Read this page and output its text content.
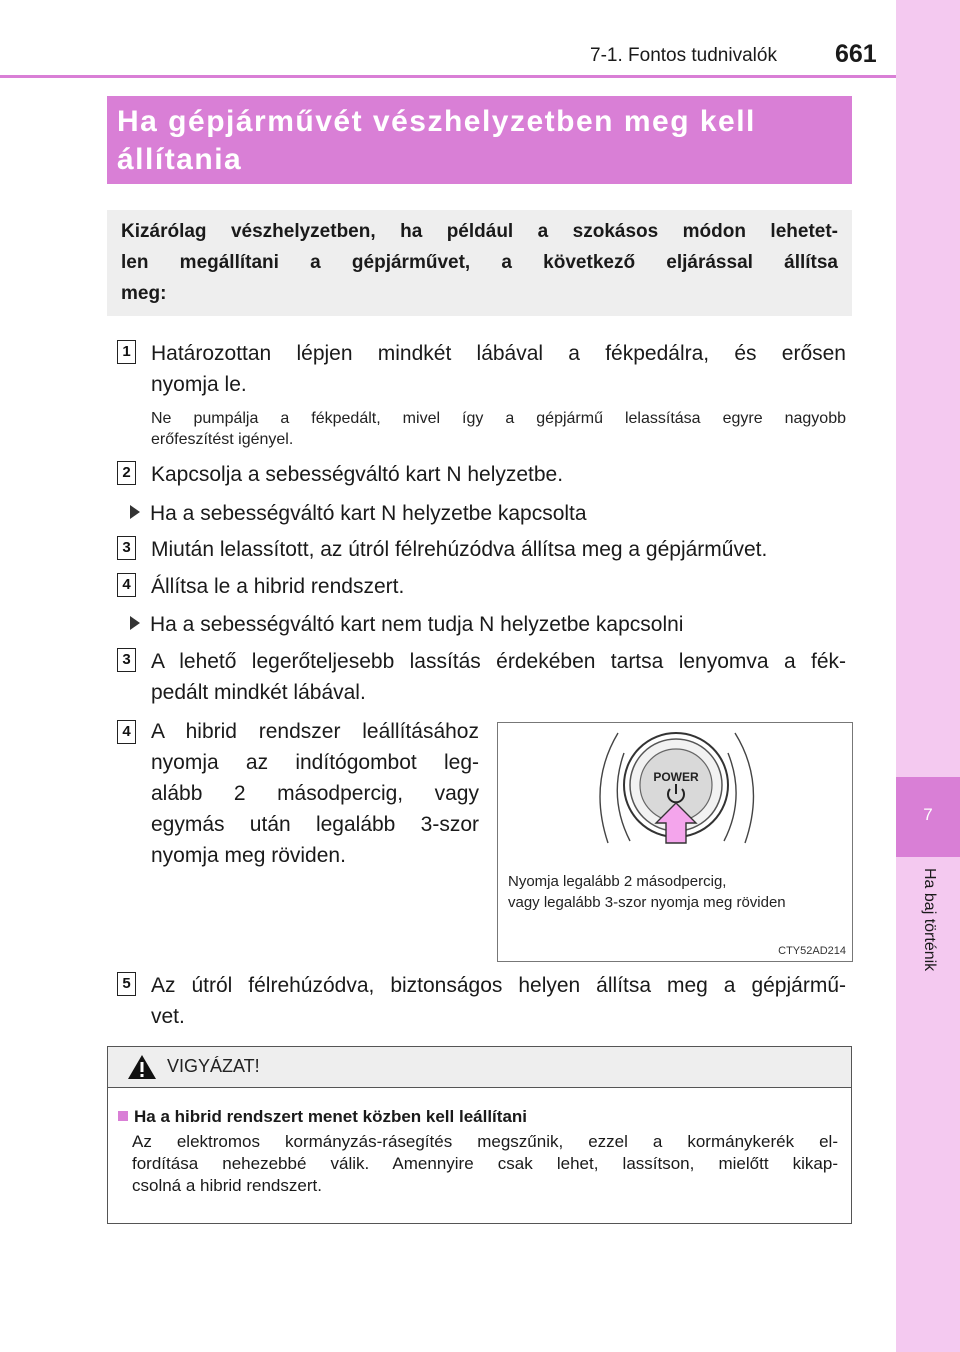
7
Ha baj történik
7-1. Fontos tudnivalók 661
Ha gépjárművét vészhelyzetben meg kell
állítania
Kizárólag vészhelyzetben, ha például a szokásos módon lehetet-
len megállítani a gépjárművet, a következő eljárással állítsa
meg:
1 Határozottan lépjen mindkét lábával a fékpedálra, és erősen
nyomja le.
Ne pumpálja a fékpedált, mivel így a gépjármű lelassítása egyre nagyobb
erőfeszítést igényel.
2 Kapcsolja a sebességváltó kart N helyzetbe.
Ha a sebességváltó kart N helyzetbe kapcsolta
3 Miután lelassított, az útról félrehúzódva állítsa meg a gépjárművet.
4 Állítsa le a hibrid rendszert.
Ha a sebességváltó kart nem tudja N helyzetbe kapcsolni
3 A lehető legerőteljesebb lassítás érdekében tartsa lenyomva a fék-
pedált mindkét lábával.
4 A hibrid rendszer leállításához
nyomja az indítógombot leg-
alább 2 másodpercig, vagy
egymás után legalább 3-szor
nyomja meg röviden.
POWER
Nyomja legalább 2 másodpercig,
vagy legalább 3-szor nyomja meg röviden
CTY52AD214
5 Az útról félrehúzódva, biztonságos helyen állítsa meg a gépjármű-
vet.
VIGYÁZAT!
Ha a hibrid rendszert menet közben kell leállítani
Az elektromos kormányzás-rásegítés megszűnik, ezzel a kormánykerék el-
fordítása nehezebbé válik. Amennyire csak lehet, lassítson, mielőtt kikap-
csolná a hibrid rendszert.
